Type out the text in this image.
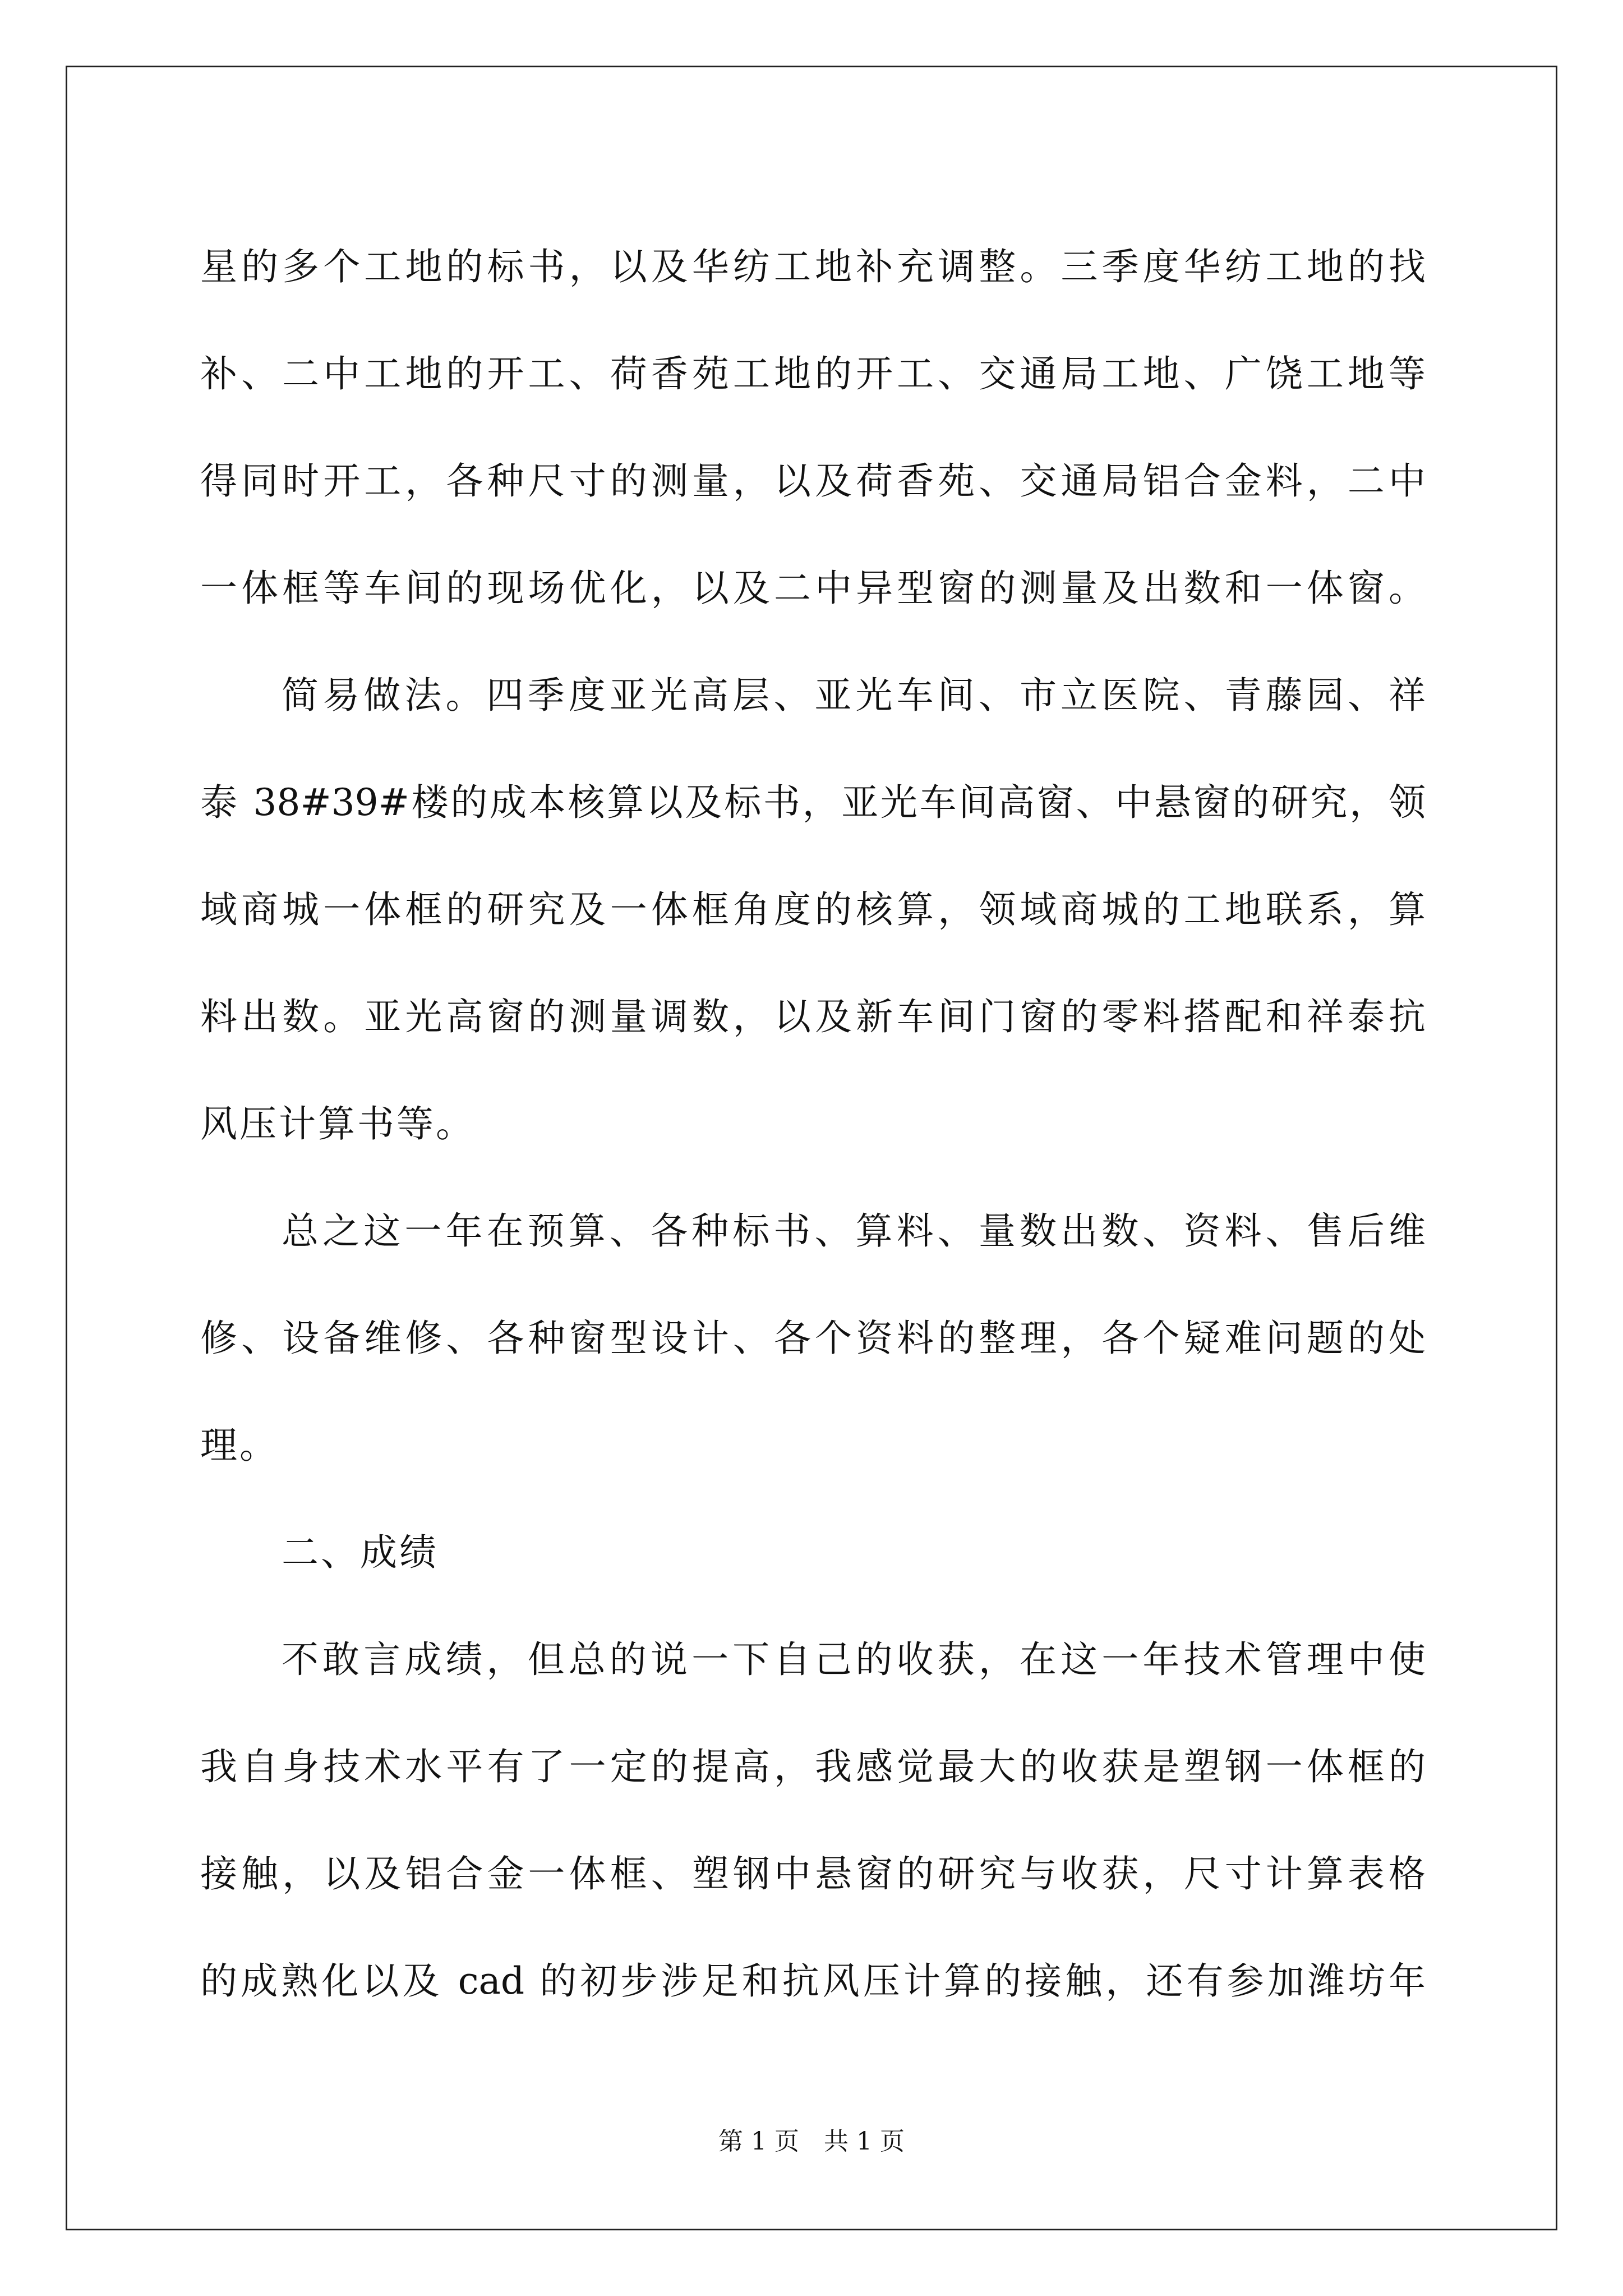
星的多个工地的标书，以及华纺工地补充调整。三季度华纺工地的找
补、二中工地的开工、荷香苑工地的开工、交通局工地、广饶工地等
得同时开工，各种尺寸的测量，以及荷香苑、交通局铝合金料，二中
一体框等车间的现场优化，以及二中异型窗的测量及出数和一体窗。
简易做法。四季度亚光高层、亚光车间、市立医院、青藤园、祥
泰 38#39#楼的成本核算以及标书，亚光车间高窗、中悬窗的研究，领
域商城一体框的研究及一体框角度的核算，领域商城的工地联系，算
料出数。亚光高窗的测量调数，以及新车间门窗的零料搭配和祥泰抗
风压计算书等。
总之这一年在预算、各种标书、算料、量数出数、资料、售后维
修、设备维修、各种窗型设计、各个资料的整理，各个疑难问题的处
理。
二、成绩
不敢言成绩，但总的说一下自己的收获，在这一年技术管理中使
我自身技术水平有了一定的提高，我感觉最大的收获是塑钢一体框的
接触，以及铝合金一体框、塑钢中悬窗的研究与收获，尺寸计算表格
的成熟化以及 cad 的初步涉足和抗风压计算的接触，还有参加潍坊年
第 1 页　共 1 页
